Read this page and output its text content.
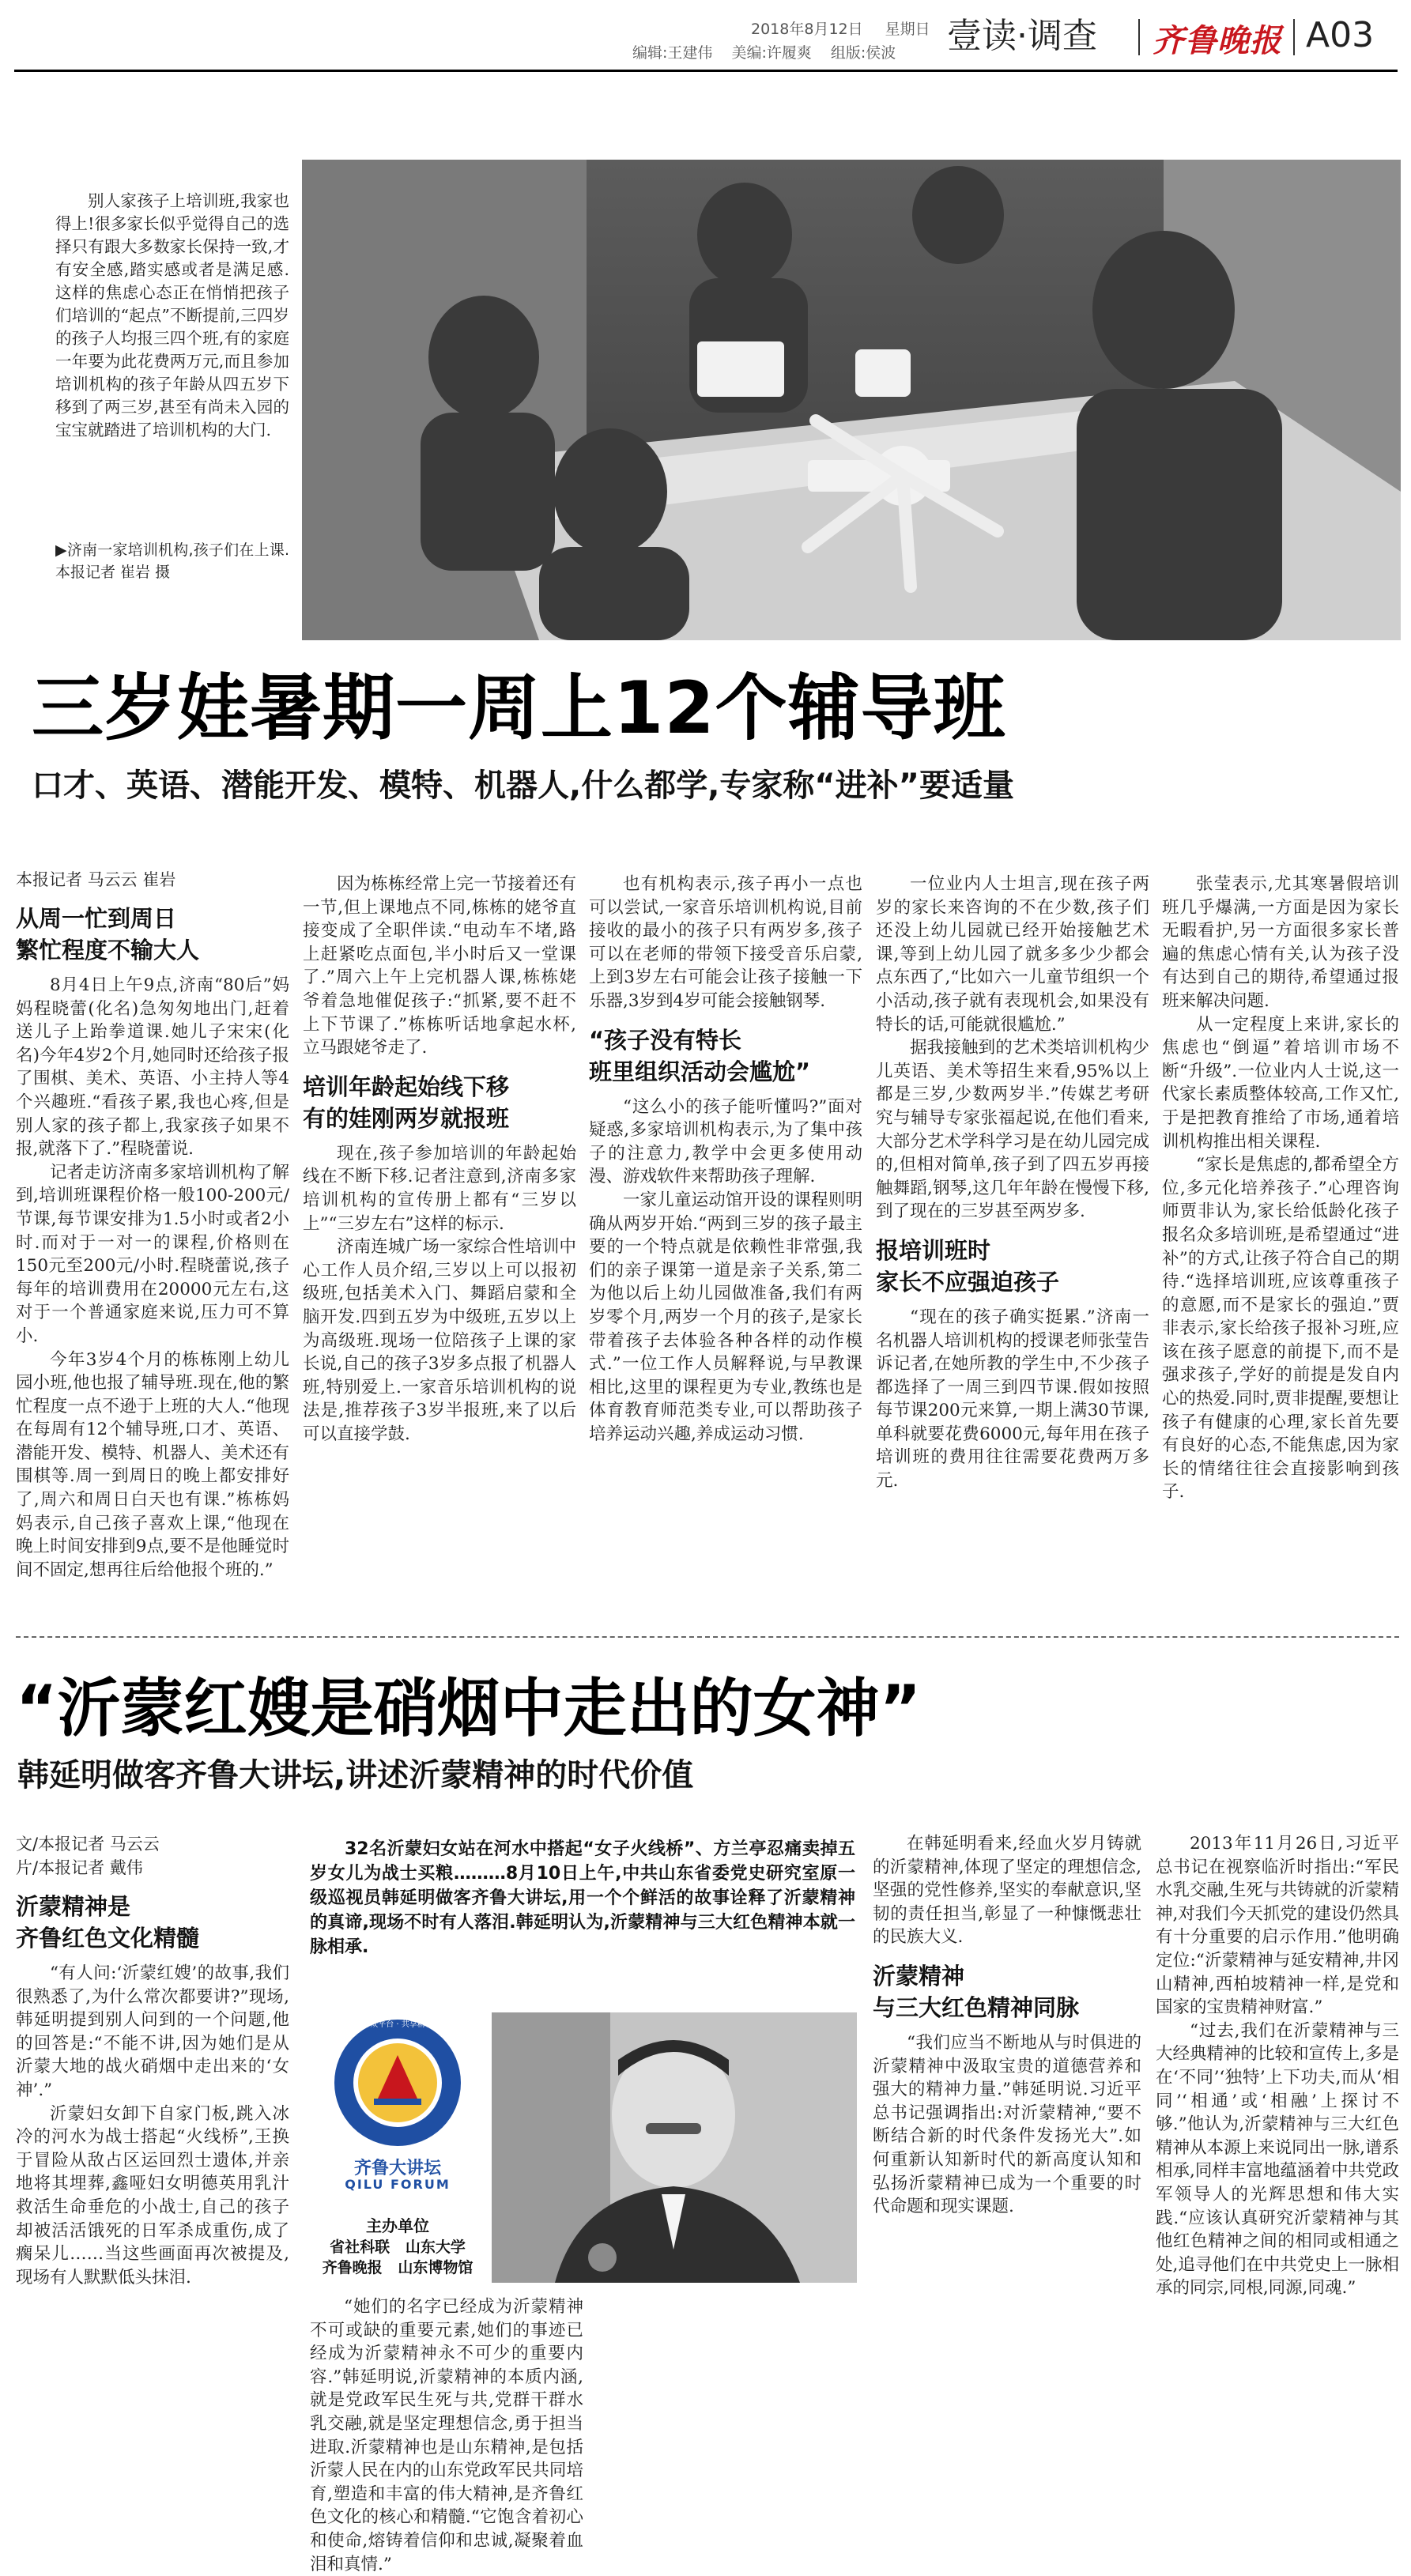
2018年8月12日 星期日
编辑:王建伟 美编:许履爽 组版:侯波 壹读·调查 齐鲁晚报 A03

别人家孩子上培训班,我家也得上!很多家长似乎觉得自己的选择只有跟大多数家长保持一致,才有安全感,踏实感或者是满足感.这样的焦虑心态正在悄悄把孩子们培训的“起点”不断提前,三四岁的孩子人均报三四个班,有的家庭一年要为此花费两万元,而且参加培训机构的孩子年龄从四五岁下移到了两三岁,甚至有尚未入园的宝宝就踏进了培训机构的大门.

▶济南一家培训机构,孩子们在上课. 本报记者 崔岩 摄

三岁娃暑期一周上12个辅导班
口才、英语、潜能开发、模特、机器人,什么都学,专家称“进补”要适量
本报记者 马云云 崔岩
从周一忙到周日
繁忙程度不输大人

8月4日上午9点,济南“80后”妈妈程晓蕾(化名)急匆匆地出门,赶着送儿子上跆拳道课.她儿子宋宋(化名)今年4岁2个月,她同时还给孩子报了围棋、美术、英语、小主持人等4个兴趣班.“看孩子累,我也心疼,但是别人家的孩子都上,我家孩子如果不报,就落下了.”程晓蕾说.

记者走访济南多家培训机构了解到,培训班课程价格一般100-200元/节课,每节课安排为1.5小时或者2小时.而对于一对一的课程,价格则在150元至200元/小时.程晓蕾说,孩子每年的培训费用在20000元左右,这对于一个普通家庭来说,压力可不算小.

今年3岁4个月的栋栋刚上幼儿园小班,他也报了辅导班.现在,他的繁忙程度一点不逊于上班的大人.“他现在每周有12个辅导班,口才、英语、潜能开发、模特、机器人、美术还有围棋等.周一到周日的晚上都安排好了,周六和周日白天也有课.”栋栋妈妈表示,自己孩子喜欢上课,“他现在晚上时间安排到9点,要不是他睡觉时间不固定,想再往后给他报个班的.”

因为栋栋经常上完一节接着还有一节,但上课地点不同,栋栋的姥爷直接变成了全职伴读.“电动车不堵,路上赶紧吃点面包,半小时后又一堂课了.”周六上午上完机器人课,栋栋姥爷着急地催促孩子:“抓紧,要不赶不上下节课了.”栋栋听话地拿起水杯,立马跟姥爷走了.

培训年龄起始线下移
有的娃刚两岁就报班

现在,孩子参加培训的年龄起始线在不断下移.记者注意到,济南多家培训机构的宣传册上都有“三岁以上”“三岁左右”这样的标示.

济南连城广场一家综合性培训中心工作人员介绍,三岁以上可以报初级班,包括美术入门、舞蹈启蒙和全脑开发.四到五岁为中级班,五岁以上为高级班.现场一位陪孩子上课的家长说,自己的孩子3岁多点报了机器人班,特别爱上.一家音乐培训机构的说法是,推荐孩子3岁半报班,来了以后可以直接学鼓.

也有机构表示,孩子再小一点也可以尝试,一家音乐培训机构说,目前接收的最小的孩子只有两岁多,孩子可以在老师的带领下接受音乐启蒙,上到3岁左右可能会让孩子接触一下乐器,3岁到4岁可能会接触钢琴.

“孩子没有特长
班里组织活动会尴尬”

“这么小的孩子能听懂吗?”面对疑惑,多家培训机构表示,为了集中孩子的注意力,教学中会更多使用动漫、游戏软件来帮助孩子理解.

一家儿童运动馆开设的课程则明确从两岁开始.“两到三岁的孩子最主要的一个特点就是依赖性非常强,我们的亲子课第一道是亲子关系,第二为他以后上幼儿园做准备,我们有两岁零个月,两岁一个月的孩子,是家长带着孩子去体验各种各样的动作模式.”一位工作人员解释说,与早教课相比,这里的课程更为专业,教练也是体育教育师范类专业,可以帮助孩子培养运动兴趣,养成运动习惯.

一位业内人士坦言,现在孩子两岁的家长来咨询的不在少数,孩子们还没上幼儿园就已经开始接触艺术课,等到上幼儿园了就多多少少都会点东西了,“比如六一儿童节组织一个小活动,孩子就有表现机会,如果没有特长的话,可能就很尴尬.”

据我接触到的艺术类培训机构少儿英语、美术等招生来看,95%以上都是三岁,少数两岁半.”传媒艺考研究与辅导专家张福起说,在他们看来,大部分艺术学科学习是在幼儿园完成的,但相对简单,孩子到了四五岁再接触舞蹈,钢琴,这几年年龄在慢慢下移,到了现在的三岁甚至两岁多.

报培训班时
家长不应强迫孩子

“现在的孩子确实挺累.”济南一名机器人培训机构的授课老师张莹告诉记者,在她所教的学生中,不少孩子都选择了一周三到四节课.假如按照每节课200元来算,一期上满30节课,单科就要花费6000元,每年用在孩子培训班的费用往往需要花费两万多元.

张莹表示,尤其寒暑假培训班几乎爆满,一方面是因为家长无暇看护,另一方面很多家长普遍的焦虑心情有关,认为孩子没有达到自己的期待,希望通过报班来解决问题.

从一定程度上来讲,家长的焦虑也“倒逼”着培训市场不断“升级”.一位业内人士说,这一代家长素质整体较高,工作又忙,于是把教育推给了市场,通着培训机构推出相关课程.

“家长是焦虑的,都希望全方位,多元化培养孩子.”心理咨询师贾非认为,家长给低龄化孩子报名众多培训班,是希望通过“进补”的方式,让孩子符合自己的期待.“选择培训班,应该尊重孩子的意愿,而不是家长的强迫.”贾非表示,家长给孩子报补习班,应该在孩子愿意的前提下,而不是强求孩子,学好的前提是发自内心的热爱.同时,贾非提醒,要想让孩子有健康的心理,家长首先要有良好的心态,不能焦虑,因为家长的情绪往往会直接影响到孩子.

“沂蒙红嫂是硝烟中走出的女神”
韩延明做客齐鲁大讲坛,讲述沂蒙精神的时代价值
文/本报记者 马云云
片/本报记者 戴伟
沂蒙精神是
齐鲁红色文化精髓

“有人问:‘沂蒙红嫂’的故事,我们很熟悉了,为什么常次都要讲?”现场,韩延明提到别人问到的一个问题,他的回答是:“不能不讲,因为她们是从沂蒙大地的战火硝烟中走出来的‘女神’.”

沂蒙妇女卸下自家门板,跳入冰冷的河水为战士搭起“火线桥”,王换于冒险从敌占区运回烈士遗体,并亲地将其埋葬,鑫哑妇女明德英用乳汁救活生命垂危的小战士,自己的孩子却被活活饿死的日军杀成重伤,成了瘸呆儿……当这些画面再次被提及,现场有人默默低头抹泪.

32名沂蒙妇女站在河水中搭起“女子火线桥”、方兰亭忍痛卖掉五岁女儿为战士买粮………8月10日上午,中共山东省委党史研究室原一级巡视员韩延明做客齐鲁大讲坛,用一个个鲜活的故事诠释了沂蒙精神的真谛,现场不时有人落泪.韩延明认为,沂蒙精神与三大红色精神本就一脉相承.

服务群众平台 · 共享精神家园
齐鲁大讲坛
QILU FORUM
主办单位
省社科联   山东大学
齐鲁晚报   山东博物馆

“她们的名字已经成为沂蒙精神不可或缺的重要元素,她们的事迹已经成为沂蒙精神永不可少的重要内容.”韩延明说,沂蒙精神的本质内涵,就是党政军民生死与共,党群干群水乳交融,就是坚定理想信念,勇于担当进取.沂蒙精神也是山东精神,是包括沂蒙人民在内的山东党政军民共同培育,塑造和丰富的伟大精神,是齐鲁红色文化的核心和精髓.“它饱含着初心和使命,熔铸着信仰和忠诚,凝聚着血泪和真情.”

在韩延明看来,经血火岁月铸就的沂蒙精神,体现了坚定的理想信念,坚强的党性修养,坚实的奉献意识,坚韧的责任担当,彰显了一种慷慨悲壮的民族大义.

沂蒙精神
与三大红色精神同脉

“我们应当不断地从与时俱进的沂蒙精神中汲取宝贵的道德营养和强大的精神力量.”韩延明说.习近平总书记强调指出:对沂蒙精神,“要不断结合新的时代条件发扬光大”.如何重新认知新时代的新高度认知和弘扬沂蒙精神已成为一个重要的时代命题和现实课题.

2013年11月26日,习近平总书记在视察临沂时指出:“军民水乳交融,生死与共铸就的沂蒙精神,对我们今天抓党的建设仍然具有十分重要的启示作用.”他明确定位:“沂蒙精神与延安精神,井冈山精神,西柏坡精神一样,是党和国家的宝贵精神财富.”

“过去,我们在沂蒙精神与三大经典精神的比较和宣传上,多是在‘不同’‘独特’上下功夫,而从‘相同’‘相通’或‘相融’上探讨不够.”他认为,沂蒙精神与三大红色精神从本源上来说同出一脉,谱系相承,同样丰富地蕴涵着中共党政军领导人的光辉思想和伟大实践.“应该认真研究沂蒙精神与其他红色精神之间的相同或相通之处,追寻他们在中共党史上一脉相承的同宗,同根,同源,同魂.”
